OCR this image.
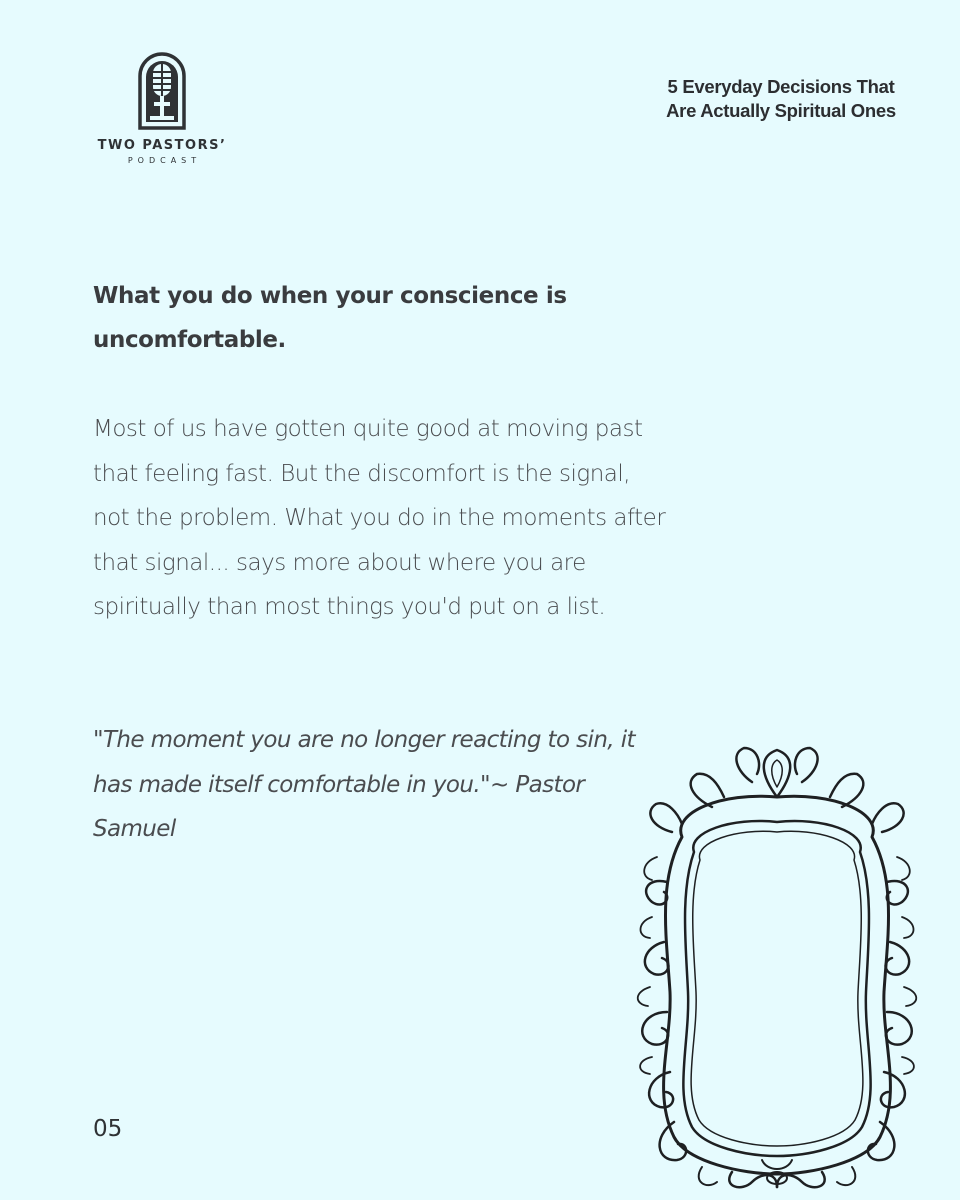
TWO PASTORS’
PODCAST
5 Everyday Decisions That Are Actually Spiritual Ones
What you do when your conscience is uncomfortable.
Most of us have gotten quite good at moving past that feeling fast. But the discomfort is the signal, not the problem. What you do in the moments after that signal... says more about where you are spiritually than most things you'd put on a list.
"The moment you are no longer reacting to sin, it has made itself comfortable in you."~ Pastor Samuel
05
